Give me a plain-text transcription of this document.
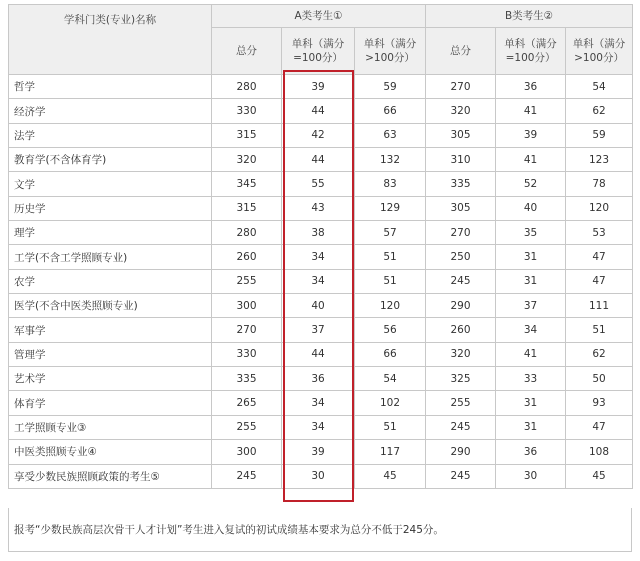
学科门类(专业)名称	A类考生①			B类考生②		
	总分	单科（满分=100分）	单科（满分>100分）	总分	单科（满分=100分）	单科（满分>100分）
哲学	280	39	59	270	36	54
经济学	330	44	66	320	41	62
法学	315	42	63	305	39	59
教育学(不含体育学)	320	44	132	310	41	123
文学	345	55	83	335	52	78
历史学	315	43	129	305	40	120
理学	280	38	57	270	35	53
工学(不含工学照顾专业)	260	34	51	250	31	47
农学	255	34	51	245	31	47
医学(不含中医类照顾专业)	300	40	120	290	37	111
军事学	270	37	56	260	34	51
管理学	330	44	66	320	41	62
艺术学	335	36	54	325	33	50
体育学	265	34	102	255	31	93
工学照顾专业③	255	34	51	245	31	47
中医类照顾专业④	300	39	117	290	36	108
享受少数民族照顾政策的考生⑤	245	30	45	245	30	45
报考“少数民族高层次骨干人才计划”考生进入复试的初试成绩基本要求为总分不低于245分。
